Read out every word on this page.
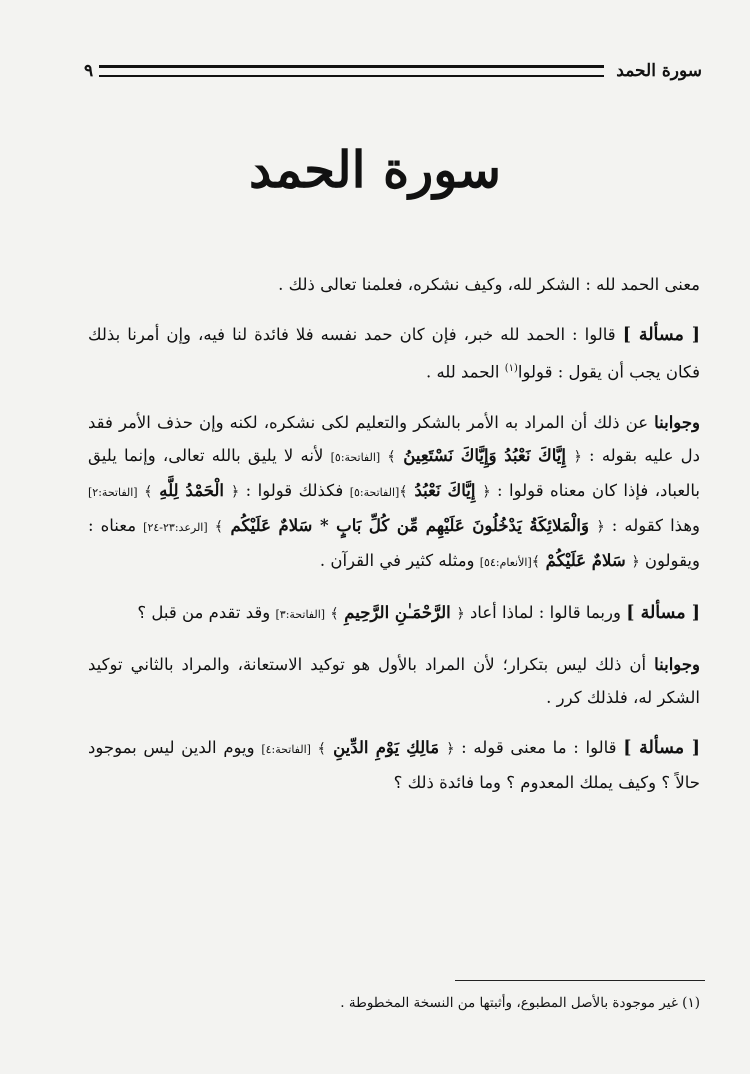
سورة الحمد
٩
سورة الحمد

معنى الحمد لله : الشكر لله، وكيف نشكره، فعلمنا تعالى ذلك .

[ مسألة ] قالوا : الحمد لله خبر، فإن كان حمد نفسه فلا فائدة لنا فيه، وإن أمرنا بذلك فكان يجب أن يقول : قولوا$^{(١)}$ الحمد لله .

وجوابنا عن ذلك أن المراد به الأمر بالشكر والتعليم لكى نشكره، لكنه وإن حذف الأمر فقد دل عليه بقوله : ﴿ إِيَّاكَ نَعْبُدُ وَإِيَّاكَ نَسْتَعِينُ ﴾ [الفاتحة:٥] لأنه لا يليق بالله تعالى، وإنما يليق بالعباد، فإذا كان معناه قولوا : ﴿ إِيَّاكَ نَعْبُدُ ﴾[الفاتحة:٥] فكذلك قولوا : ﴿ الْحَمْدُ لِلَّهِ ﴾ [الفاتحة:٢] وهذا كقوله : ﴿ وَالْمَلائِكَةُ يَدْخُلُونَ عَلَيْهِم مِّن كُلِّ بَابٍ * سَلامٌ عَلَيْكُم ﴾ [الرعد:٢٣-٢٤] معناه : ويقولون ﴿ سَلامٌ عَلَيْكُمْ ﴾[الأنعام:٥٤] ومثله كثير في القرآن .

[ مسألة ] وربما قالوا : لماذا أعاد ﴿ الرَّحْمَـٰنِ الرَّحِيمِ ﴾ [الفاتحة:٣] وقد تقدم من قبل ؟

وجوابنا أن ذلك ليس بتكرار؛ لأن المراد بالأول هو توكيد الاستعانة، والمراد بالثاني توكيد الشكر له، فلذلك كرر .

[ مسألة ] قالوا : ما معنى قوله : ﴿ مَالِكِ يَوْمِ الدِّينِ ﴾ [الفاتحة:٤] ويوم الدين ليس بموجود حالاً ؟ وكيف يملك المعدوم ؟ وما فائدة ذلك ؟

(١) غير موجودة بالأصل المطبوع، وأثبتها من النسخة المخطوطة .
